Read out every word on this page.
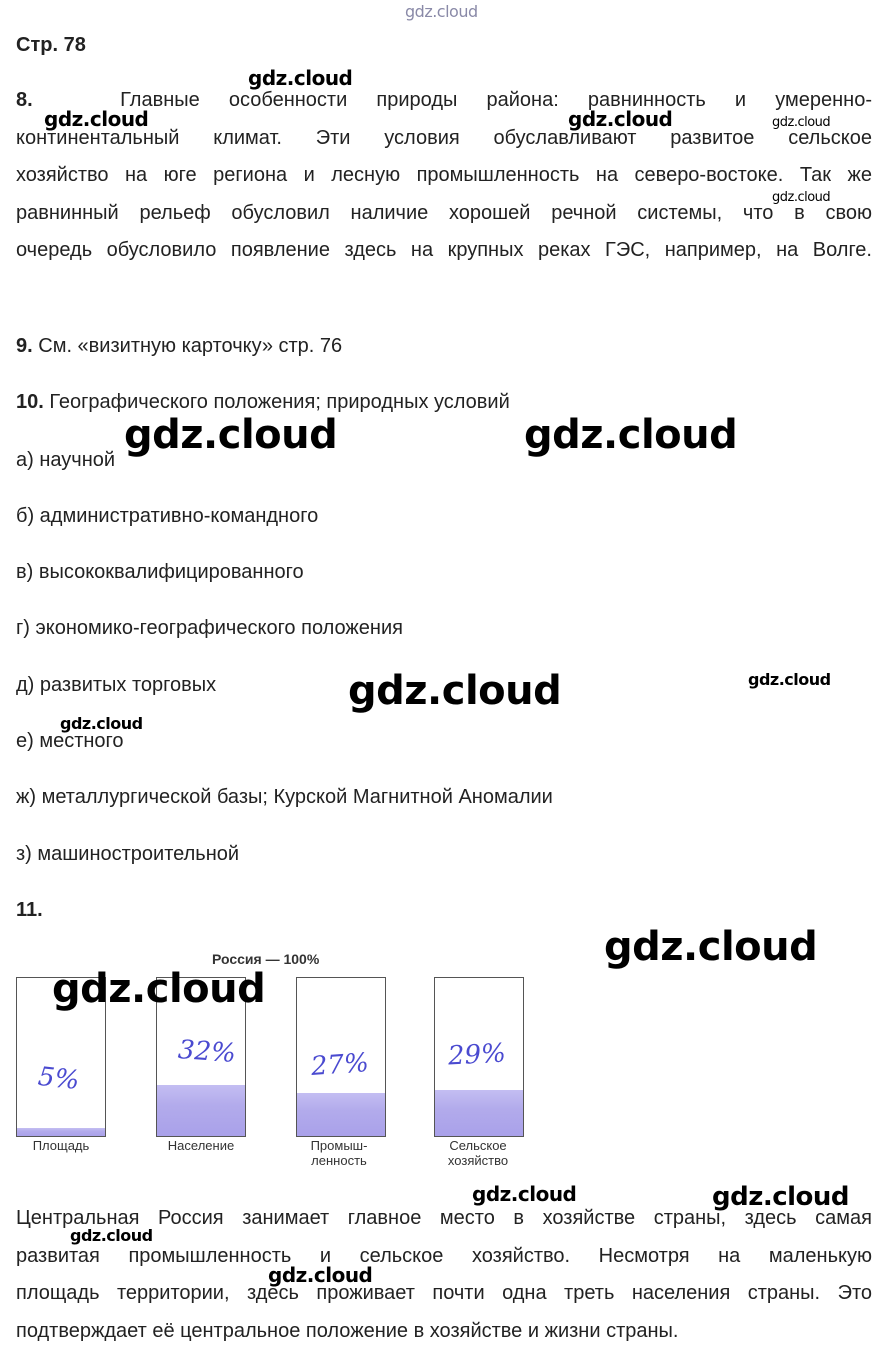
gdz.cloud
Стр. 78
8.	Главные особенности природы района: равнинность и умеренно-
континентальный климат. Эти условия обуславливают развитое сельское
хозяйство на юге региона и лесную промышленность на северо-востоке. Так же
равнинный рельеф обусловил наличие хорошей речной системы, что в свою
очередь обусловило появление здесь на крупных реках ГЭС, например, на Волге.
9. См. «визитную карточку» стр. 76
10. Географического положения; природных условий
а) научной
б) административно-командного
в) высококвалифицированного
г) экономико-географического положения
д) развитых торговых
е) местного
ж) металлургической базы; Курской Магнитной Аномалии
з) машиностроительной
11.
Россия — 100%
5%
32%	27%	29%
Площадь	Население	Промыш-
ленность
Сельское
хозяйство
Центральная Россия занимает главное место в хозяйстве страны, здесь самая
развитая промышленность и сельское хозяйство. Несмотря на маленькую
площадь территории, здесь проживает почти одна треть населения страны. Это
подтверждает её центральное положение в хозяйстве и жизни страны.
gdz.cloud
gdz.cloud	gdz.cloud	gdz.cloud
gdz.cloud
gdz.cloud	gdz.cloud
gdz.cloud	gdz.cloud
gdz.cloud
gdz.cloud
gdz.cloud
gdz.cloud	gdz.cloud
gdz.cloud
gdz.cloud
